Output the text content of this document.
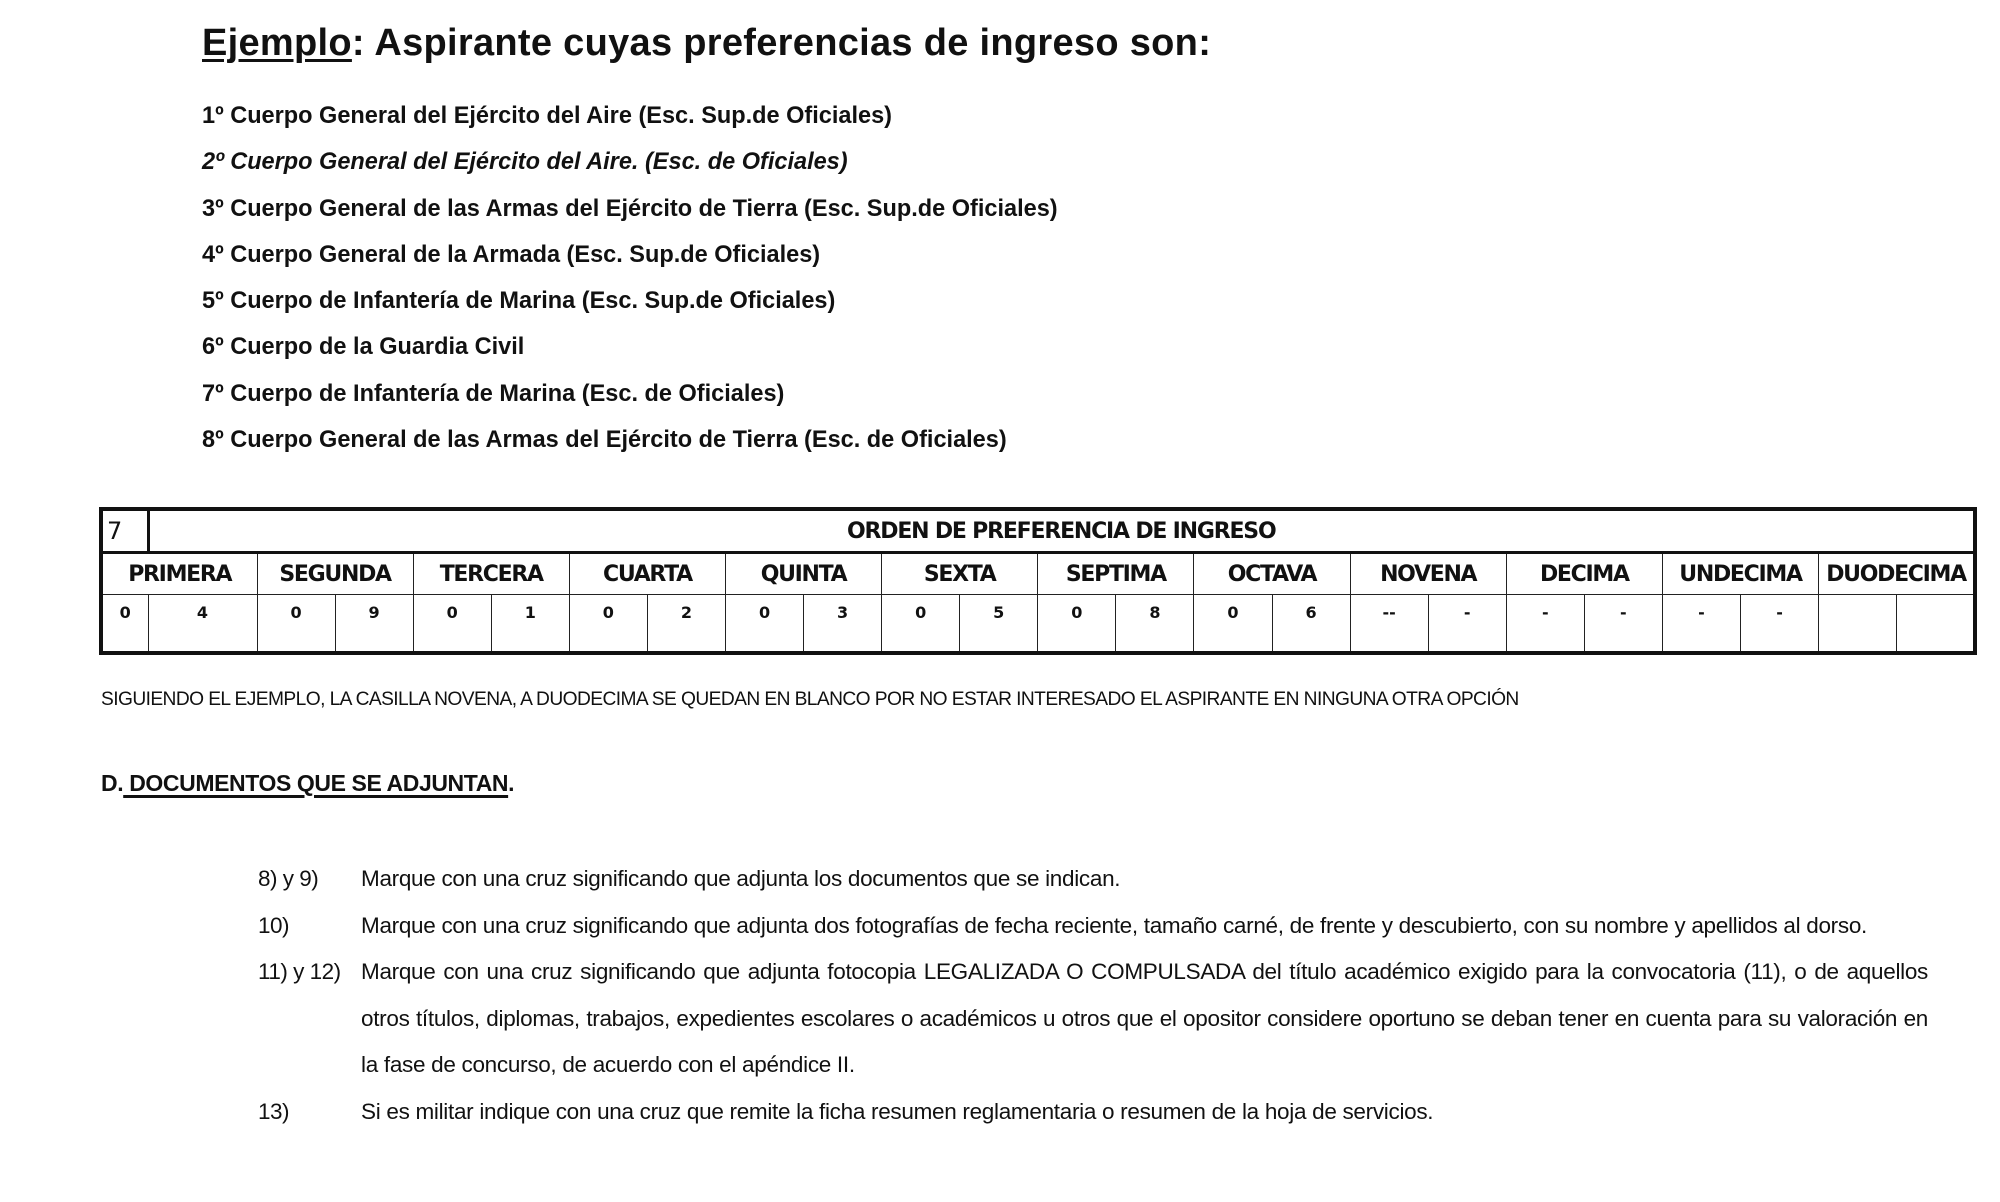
Ejemplo: Aspirante cuyas preferencias de ingreso son:
1º Cuerpo General del Ejército del Aire (Esc. Sup.de Oficiales)
2º Cuerpo General del Ejército del Aire. (Esc. de Oficiales)
3º Cuerpo General de las Armas del Ejército de Tierra (Esc. Sup.de Oficiales)
4º Cuerpo General de la Armada (Esc. Sup.de Oficiales)
5º Cuerpo de Infantería de Marina (Esc. Sup.de Oficiales)
6º Cuerpo de la Guardia Civil
7º Cuerpo de Infantería de Marina (Esc. de Oficiales)
8º Cuerpo General de las Armas del Ejército de Tierra (Esc. de Oficiales)
7	ORDEN DE PREFERENCIA DE INGRESO																						
PRIMERA		SEGUNDA		TERCERA		CUARTA		QUINTA		SEXTA		SEPTIMA		OCTAVA		NOVENA		DECIMA		UNDECIMA		DUODECIMA	
0	4	0	9	0	1	0	2	0	3	0	5	0	8	0	6	--	-	-	-	-	-		
SIGUIENDO EL EJEMPLO, LA CASILLA NOVENA, A DUODECIMA SE QUEDAN EN BLANCO POR NO ESTAR INTERESADO EL ASPIRANTE EN NINGUNA OTRA OPCIÓN
D. DOCUMENTOS QUE SE ADJUNTAN.
8) y 9)	Marque con una cruz significando que adjunta los documentos que se indican.
10)	Marque con una cruz significando que adjunta dos fotografías de fecha reciente, tamaño carné, de frente y descubierto, con su nombre y apellidos al dorso.
11) y 12) Marque con una cruz significando que adjunta fotocopia LEGALIZADA O COMPULSADA del título académico exigido para la convocatoria (11), o de aquellos otros títulos, diplomas, trabajos, expedientes escolares o académicos u otros que el opositor considere oportuno se deban tener en cuenta para su valoración en la fase de concurso, de acuerdo con el apéndice II.
13)	Si es militar indique con una cruz que remite la ficha resumen reglamentaria o resumen de la hoja de servicios.
